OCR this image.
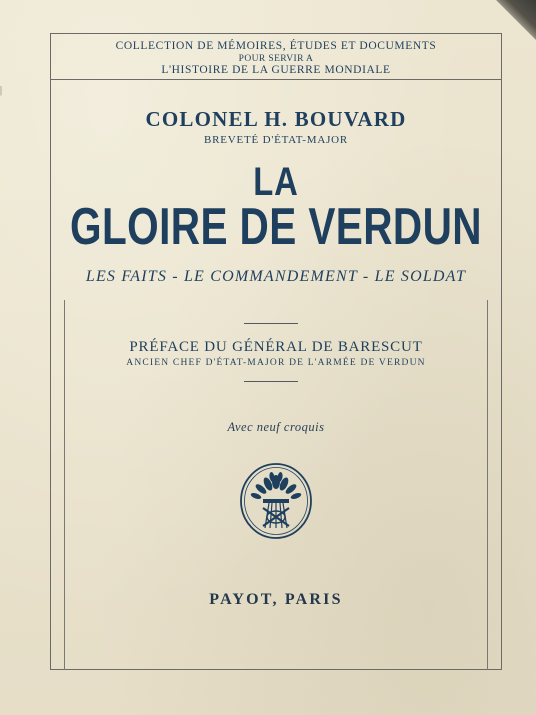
|
COLLECTION DE MÉMOIRES, ÉTUDES ET DOCUMENTS
POUR SERVIR A
L'HISTOIRE DE LA GUERRE MONDIALE
COLONEL H. BOUVARD
BREVETÉ D'ÉTAT-MAJOR
LA
GLOIRE DE VERDUN
LES FAITS - LE COMMANDEMENT - LE SOLDAT
PRÉFACE DU GÉNÉRAL DE BARESCUT
ANCIEN CHEF D'ÉTAT-MAJOR DE L'ARMÉE DE VERDUN
Avec neuf croquis
PAYOT, PARIS
